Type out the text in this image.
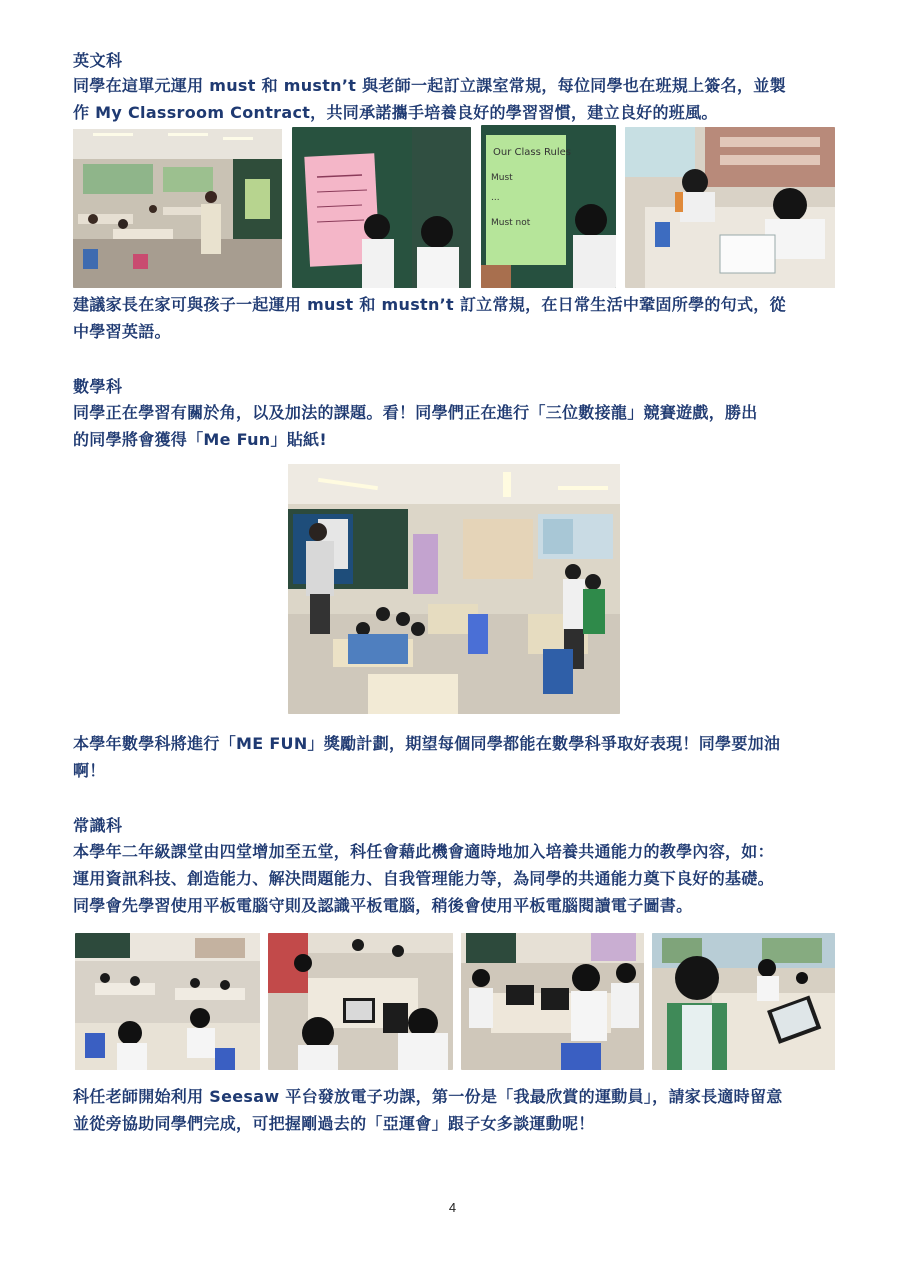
英文科

同學在這單元運用 must 和 mustn’t 與老師一起訂立課室常規，每位同學也在班規上簽名，並製
作 My Classroom Contract，共同承諾攜手培養良好的學習習慣，建立良好的班風。

Our Class Rules
Must
...
Must not

建議家長在家可與孩子一起運用 must 和 mustn’t 訂立常規，在日常生活中鞏固所學的句式，從
中學習英語。

數學科

同學正在學習有關於角，以及加法的課題。看！同學們正在進行「三位數接龍」競賽遊戲，勝出
的同學將會獲得「Me Fun」貼紙!

本學年數學科將進行「ME FUN」獎勵計劃，期望每個同學都能在數學科爭取好表現！同學要加油
啊！

常識科

本學年二年級課堂由四堂增加至五堂，科任會藉此機會適時地加入培養共通能力的教學內容，如：
運用資訊科技、創造能力、解決問題能力、自我管理能力等，為同學的共通能力奠下良好的基礎。
同學會先學習使用平板電腦守則及認識平板電腦，稍後會使用平板電腦閱讀電子圖書。

科任老師開始利用 Seesaw 平台發放電子功課，第一份是「我最欣賞的運動員」，請家長適時留意
並從旁協助同學們完成，可把握剛過去的「亞運會」跟子女多談運動呢！

4
